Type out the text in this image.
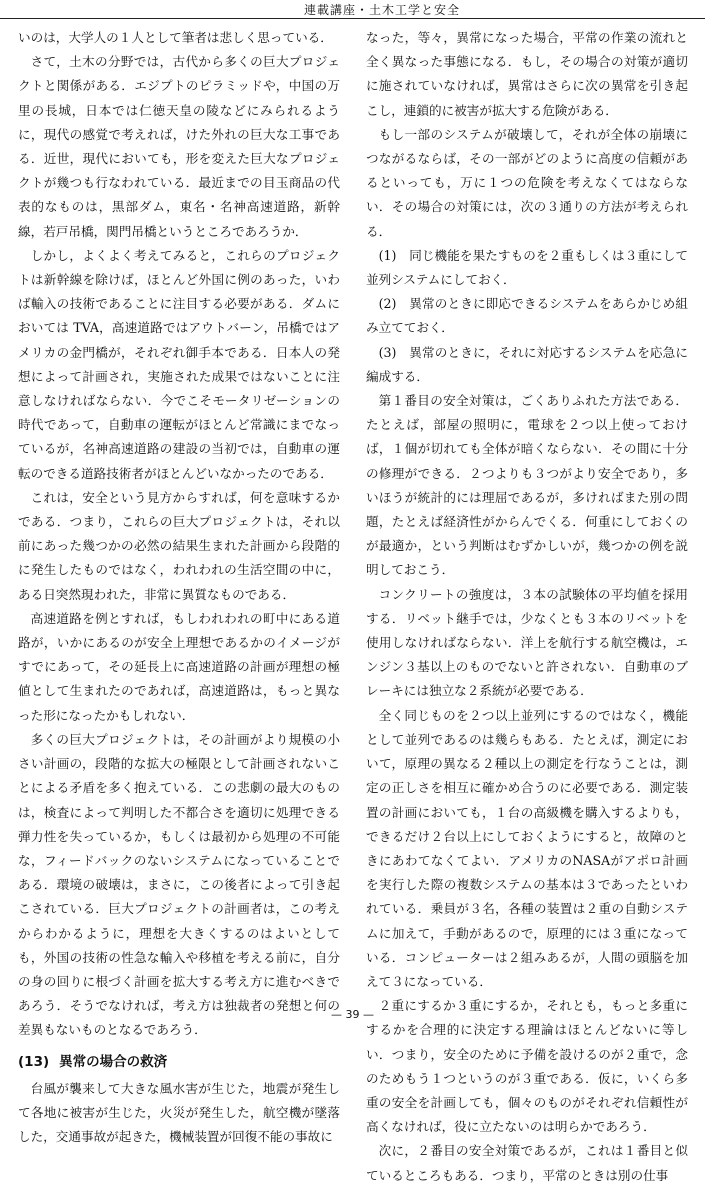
連載講座・土木工学と安全

いのは，大学人の１人として筆者は悲しく思っている．

さて，土木の分野では，古代から多くの巨大プロジェクトと関係がある．エジプトのピラミッドや，中国の万里の長城，日本では仁徳天皇の陵などにみられるように，現代の感覚で考えれば，けた外れの巨大な工事である．近世，現代においても，形を変えた巨大なプロジェクトが幾つも行なわれている．最近までの目玉商品の代表的なものは，黒部ダム，東名・名神高速道路，新幹線，若戸吊橋，関門吊橋というところであろうか．

しかし，よくよく考えてみると，これらのプロジェクトは新幹線を除けば，ほとんど外国に例のあった，いわば輸入の技術であることに注目する必要がある．ダムにおいては TVA，高速道路ではアウトバーン，吊橋ではアメリカの金門橋が，それぞれ御手本である．日本人の発想によって計画され，実施された成果ではないことに注意しなければならない．今でこそモータリゼーションの時代であって，自動車の運転がほとんど常識にまでなっているが，名神高速道路の建設の当初では，自動車の運転のできる道路技術者がほとんどいなかったのである．

これは，安全という見方からすれば，何を意味するかである．つまり，これらの巨大プロジェクトは，それ以前にあった幾つかの必然の結果生まれた計画から段階的に発生したものではなく，われわれの生活空間の中に，ある日突然現われた，非常に異質なものである．

高速道路を例とすれば，もしわれわれの町中にある道路が，いかにあるのが安全上理想であるかのイメージがすでにあって，その延長上に高速道路の計画が理想の極値として生まれたのであれば，高速道路は，もっと異なった形になったかもしれない．

多くの巨大プロジェクトは，その計画がより規模の小さい計画の，段階的な拡大の極限として計画されないことによる矛盾を多く抱えている．この悲劇の最大のものは，検査によって判明した不都合さを適切に処理できる弾力性を失っているか，もしくは最初から処理の不可能な，フィードバックのないシステムになっていることである．環境の破壊は，まさに，この後者によって引き起こされている．巨大プロジェクトの計画者は，この考えからわかるように，理想を大きくするのはよいとしても，外国の技術の性急な輸入や移植を考える前に，自分の身の回りに根づく計画を拡大する考え方に進むべきであろう．そうでなければ，考え方は独裁者の発想と何の差異もないものとなるであろう．

(13) 異常の場合の救済

台風が襲来して大きな風水害が生じた，地震が発生して各地に被害が生じた，火災が発生した，航空機が墜落した，交通事故が起きた，機械装置が回復不能の事故に

なった，等々，異常になった場合，平常の作業の流れと全く異なった事態になる．もし，その場合の対策が適切に施されていなければ，異常はさらに次の異常を引き起こし，連鎖的に被害が拡大する危険がある．

もし一部のシステムが破壊して，それが全体の崩壊につながるならば，その一部がどのように高度の信頼があるといっても，万に１つの危険を考えなくてはならない．その場合の対策には，次の３通りの方法が考えられる．

(1)　同じ機能を果たすものを２重もしくは３重にして並列システムにしておく．

(2)　異常のときに即応できるシステムをあらかじめ組み立てておく．

(3)　異常のときに，それに対応するシステムを応急に編成する．

第１番目の安全対策は，ごくありふれた方法である．たとえば，部屋の照明に，電球を２つ以上使っておけば，１個が切れても全体が暗くならない．その間に十分の修理ができる．２つよりも３つがより安全であり，多いほうが統計的には理屈であるが，多ければまた別の問題，たとえば経済性がからんでくる．何重にしておくのが最適か，という判断はむずかしいが，幾つかの例を説明しておこう．

コンクリートの強度は，３本の試験体の平均値を採用する．リベット継手では，少なくとも３本のリベットを使用しなければならない．洋上を航行する航空機は，エンジン３基以上のものでないと許されない．自動車のブレーキには独立な２系統が必要である．

全く同じものを２つ以上並列にするのではなく，機能として並列であるのは幾らもある．たとえば，測定において，原理の異なる２種以上の測定を行なうことは，測定の正しさを相互に確かめ合うのに必要である．測定装置の計画においても，１台の高級機を購入するよりも，できるだけ２台以上にしておくようにすると，故障のときにあわてなくてよい．アメリカのNASAがアポロ計画を実行した際の複数システムの基本は３であったといわれている．乗員が３名，各種の装置は２重の自動システムに加えて，手動があるので，原理的には３重になっている．コンピューターは２組みあるが，人間の頭脳を加えて３になっている．

２重にするか３重にするか，それとも，もっと多重にするかを合理的に決定する理論はほとんどないに等しい．つまり，安全のために予備を設けるのが２重で，念のためもう１つというのが３重である．仮に，いくら多重の安全を計画しても，個々のものがそれぞれ信頼性が高くなければ，役に立たないのは明らかであろう．

次に，２番目の安全対策であるが，これは１番目と似ているところもある．つまり，平常のときは別の仕事

— 39 —
